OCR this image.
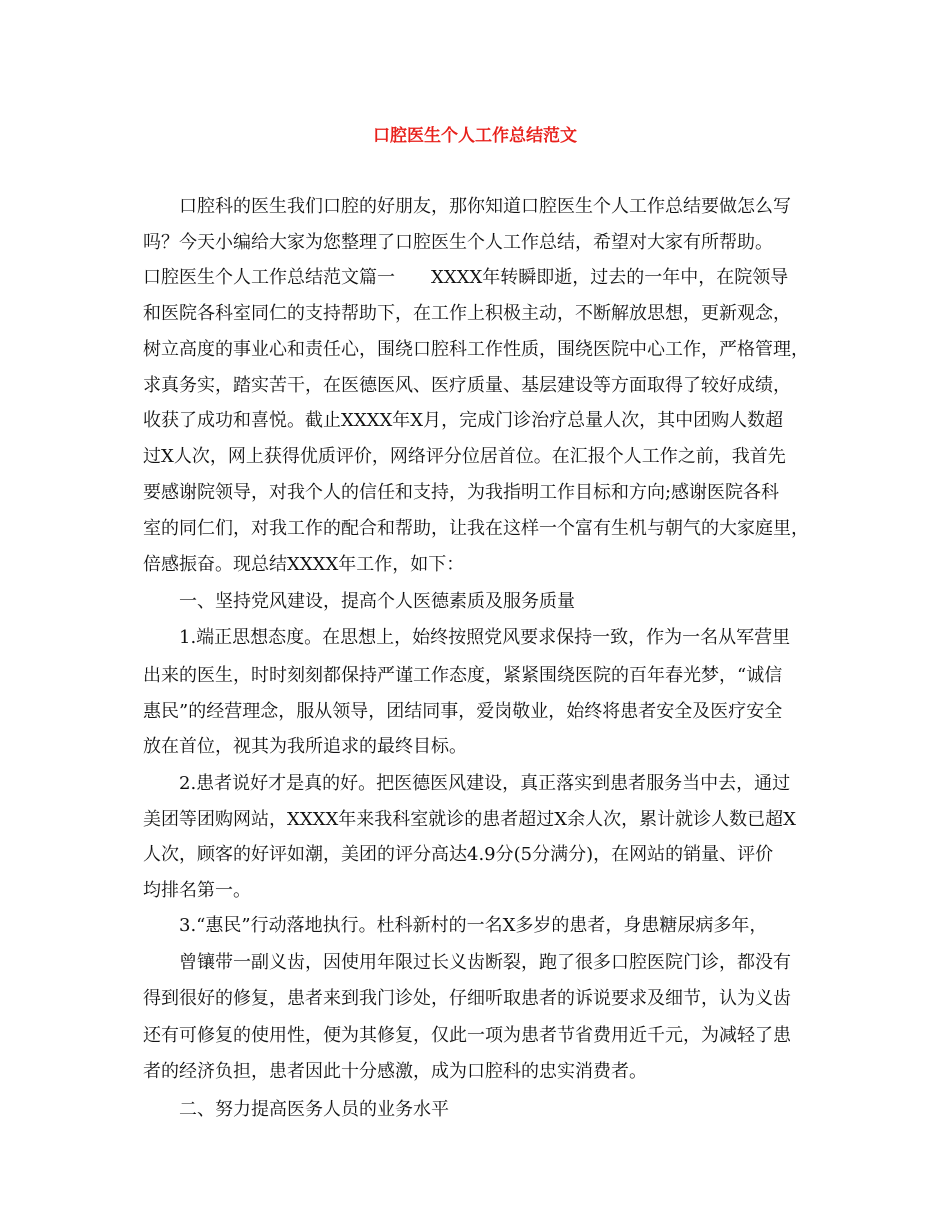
口腔医生个人工作总结范文
　　口腔科的医生我们口腔的好朋友，那你知道口腔医生个人工作总结要做怎么写
吗？今天小编给大家为您整理了口腔医生个人工作总结，希望对大家有所帮助。
口腔医生个人工作总结范文篇一　　XXXX年转瞬即逝，过去的一年中，在院领导
和医院各科室同仁的支持帮助下，在工作上积极主动，不断解放思想，更新观念，
树立高度的事业心和责任心，围绕口腔科工作性质，围绕医院中心工作，严格管理，
求真务实，踏实苦干，在医德医风、医疗质量、基层建设等方面取得了较好成绩，
收获了成功和喜悦。截止XXXX年X月，完成门诊治疗总量人次，其中团购人数超
过X人次，网上获得优质评价，网络评分位居首位。在汇报个人工作之前，我首先
要感谢院领导，对我个人的信任和支持，为我指明工作目标和方向;感谢医院各科
室的同仁们，对我工作的配合和帮助，让我在这样一个富有生机与朝气的大家庭里，
倍感振奋。现总结XXXX年工作，如下：
　　一、坚持党风建设，提高个人医德素质及服务质量
　　1.端正思想态度。在思想上，始终按照党风要求保持一致，作为一名从军营里
出来的医生，时时刻刻都保持严谨工作态度，紧紧围绕医院的百年春光梦，“诚信
惠民”的经营理念，服从领导，团结同事，爱岗敬业，始终将患者安全及医疗安全
放在首位，视其为我所追求的最终目标。
　　2.患者说好才是真的好。把医德医风建设，真正落实到患者服务当中去，通过
美团等团购网站，XXXX年来我科室就诊的患者超过X余人次，累计就诊人数已超X
人次，顾客的好评如潮，美团的评分高达4.9分(5分满分)，在网站的销量、评价
均排名第一。
　　3.“惠民”行动落地执行。杜科新村的一名X多岁的患者，身患糖尿病多年，
　　曾镶带一副义齿，因使用年限过长义齿断裂，跑了很多口腔医院门诊，都没有
得到很好的修复，患者来到我门诊处，仔细听取患者的诉说要求及细节，认为义齿
还有可修复的使用性，便为其修复，仅此一项为患者节省费用近千元，为减轻了患
者的经济负担，患者因此十分感激，成为口腔科的忠实消费者。
　　二、努力提高医务人员的业务水平
